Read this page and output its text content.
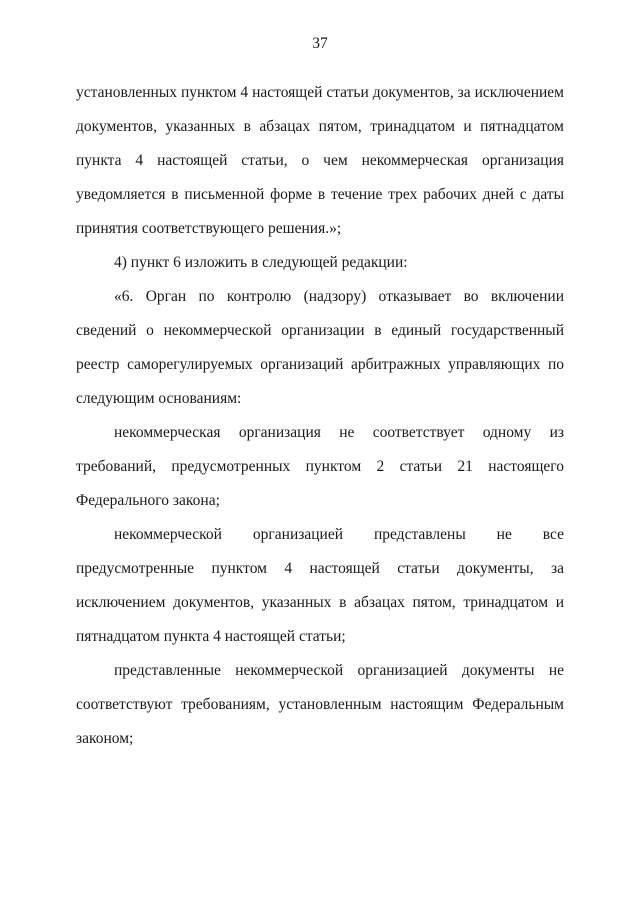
37

установленных пунктом 4 настоящей статьи документов, за исключением документов, указанных в абзацах пятом, тринадцатом и пятнадцатом пункта 4 настоящей статьи, о чем некоммерческая организация уведомляется в письменной форме в течение трех рабочих дней с даты принятия соответствующего решения.»;

4) пункт 6 изложить в следующей редакции:

«6. Орган по контролю (надзору) отказывает во включении сведений о некоммерческой организации в единый государственный реестр саморегулируемых организаций арбитражных управляющих по следующим основаниям:

некоммерческая организация не соответствует одному из требований, предусмотренных пунктом 2 статьи 21 настоящего Федерального закона;

некоммерческой организацией представлены не все предусмотренные пунктом 4 настоящей статьи документы, за исключением документов, указанных в абзацах пятом, тринадцатом и пятнадцатом пункта 4 настоящей статьи;

представленные некоммерческой организацией документы не соответствуют требованиям, установленным настоящим Федеральным законом;
